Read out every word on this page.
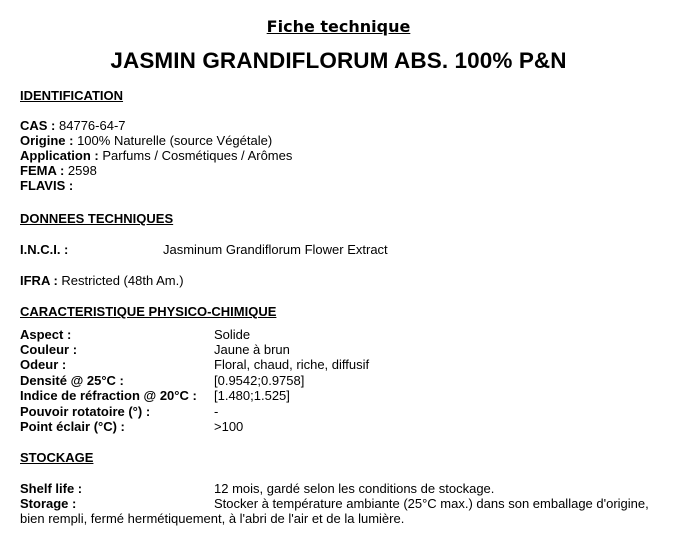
Fiche technique
JASMIN GRANDIFLORUM ABS. 100% P&N
IDENTIFICATION
CAS : 84776-64-7
Origine : 100% Naturelle (source Végétale)
Application : Parfums / Cosmétiques / Arômes
FEMA : 2598
FLAVIS :
DONNEES TECHNIQUES
I.N.C.I. :	Jasminum Grandiflorum Flower Extract
IFRA : Restricted (48th Am.)
CARACTERISTIQUE PHYSICO-CHIMIQUE
Aspect :	Solide
Couleur :	Jaune à brun
Odeur :	Floral, chaud, riche, diffusif
Densité @ 25°C :	[0.9542;0.9758]
Indice de réfraction @ 20°C : [1.480;1.525]
Pouvoir rotatoire (°) :	-
Point éclair (°C) :	>100
STOCKAGE
Shelf life :	12 mois, gardé selon les conditions de stockage.
Storage :	Stocker à température ambiante (25°C max.) dans son emballage d'origine,
bien rempli, fermé hermétiquement, à l'abri de l'air et de la lumière.
